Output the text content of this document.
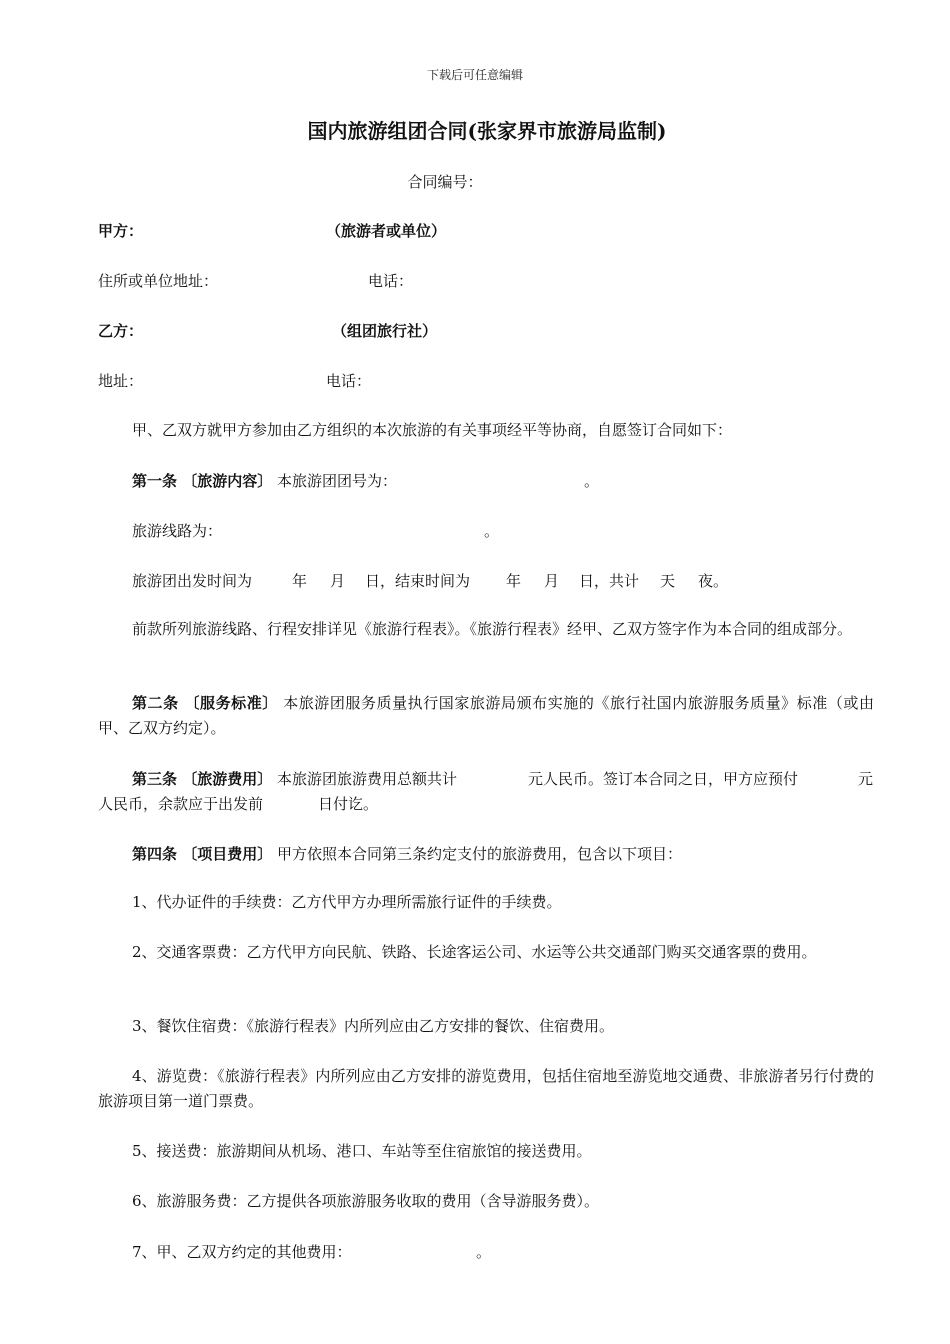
下载后可任意编辑
国内旅游组团合同(张家界市旅游局监制)
合同编号：
甲方：	（旅游者或单位）
住所或单位地址：	电话：
乙方：	（组团旅行社）
地址：	电话：
甲、乙双方就甲方参加由乙方组织的本次旅游的有关事项经平等协商，自愿签订合同如下：
第一条 〔旅游内容〕 本旅游团团号为：	。
旅游线路为：	。
旅游团出发时间为	年 月 日，结束时间为 年 月 日，共计 天 夜。
前款所列旅游线路、行程安排详见《旅游行程表》。《旅游行程表》经甲、乙双方签字作为本合同的组成部分。
第二条 〔服务标准〕 本旅游团服务质量执行国家旅游局颁布实施的《旅行社国内旅游服务质量》标准（或由甲、乙双方约定）。
第三条 〔旅游费用〕 本旅游团旅游费用总额共计	元人民币。签订本合同之日，甲方应预付	元
人民币，余款应于出发前	日付讫。
第四条 〔项目费用〕 甲方依照本合同第三条约定支付的旅游费用，包含以下项目：
1、代办证件的手续费：乙方代甲方办理所需旅行证件的手续费。
2、交通客票费：乙方代甲方向民航、铁路、长途客运公司、水运等公共交通部门购买交通客票的费用。
3、餐饮住宿费：《旅游行程表》内所列应由乙方安排的餐饮、住宿费用。
4、游览费：《旅游行程表》内所列应由乙方安排的游览费用，包括住宿地至游览地交通费、非旅游者另行付费的旅游项目第一道门票费。
5、接送费：旅游期间从机场、港口、车站等至住宿旅馆的接送费用。
6、旅游服务费：乙方提供各项旅游服务收取的费用（含导游服务费）。
7、甲、乙双方约定的其他费用：	。
